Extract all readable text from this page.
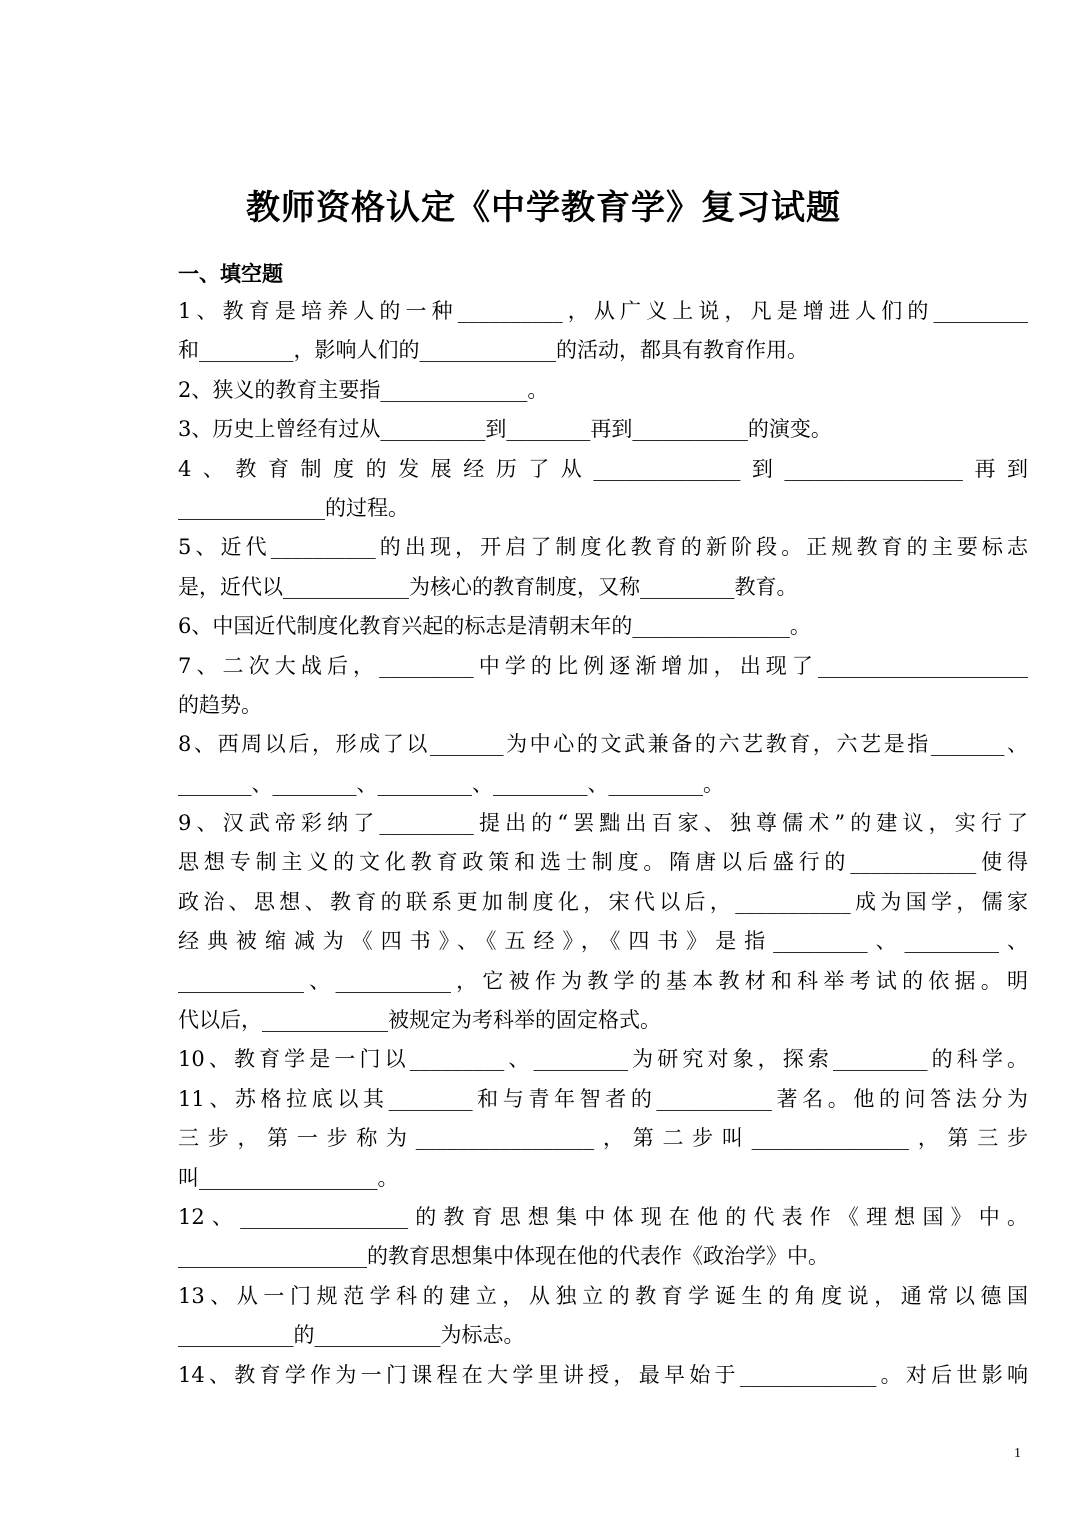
教师资格认定《中学教育学》复习试题
一、填空题
1、教育是培养人的一种__________，从广义上说，凡是增进人们的_________
和_________，影响人们的_____________的活动，都具有教育作用。
2、狭义的教育主要指______________。
3、历史上曾经有过从__________到________再到___________的演变。
4、教育制度的发展经历了从______________到_________________再到
______________的过程。
5、近代__________的出现，开启了制度化教育的新阶段。正规教育的主要标志
是，近代以____________为核心的教育制度，又称_________教育。
6、中国近代制度化教育兴起的标志是清朝末年的_______________。
7、二次大战后，_________中学的比例逐渐增加，出现了____________________
的趋势。
8、西周以后，形成了以_______为中心的文武兼备的六艺教育，六艺是指_______、
_______、________、_________、_________、_________。
9、汉武帝彩纳了_________提出的“罢黜出百家、独尊儒术”的建议，实行了
思想专制主义的文化教育政策和选士制度。隋唐以后盛行的____________使得
政治、思想、教育的联系更加制度化，宋代以后，___________成为国学，儒家
经典被缩减为《四书》、《五经》，《四书》是指_________、_________、
____________、___________，它被作为教学的基本教材和科举考试的依据。明
代以后，____________被规定为考科举的固定格式。
10、教育学是一门以_________、_________为研究对象，探索_________的科学。
11、苏格拉底以其________和与青年智者的___________著名。他的问答法分为
三步，第一步称为_________________，第二步叫_______________，第三步
叫_________________。
12、________________的教育思想集中体现在他的代表作《理想国》中。
__________________的教育思想集中体现在他的代表作《政治学》中。
13、从一门规范学科的建立，从独立的教育学诞生的角度说，通常以德国
___________的____________为标志。
14、教育学作为一门课程在大学里讲授，最早始于_____________。对后世影响
1
